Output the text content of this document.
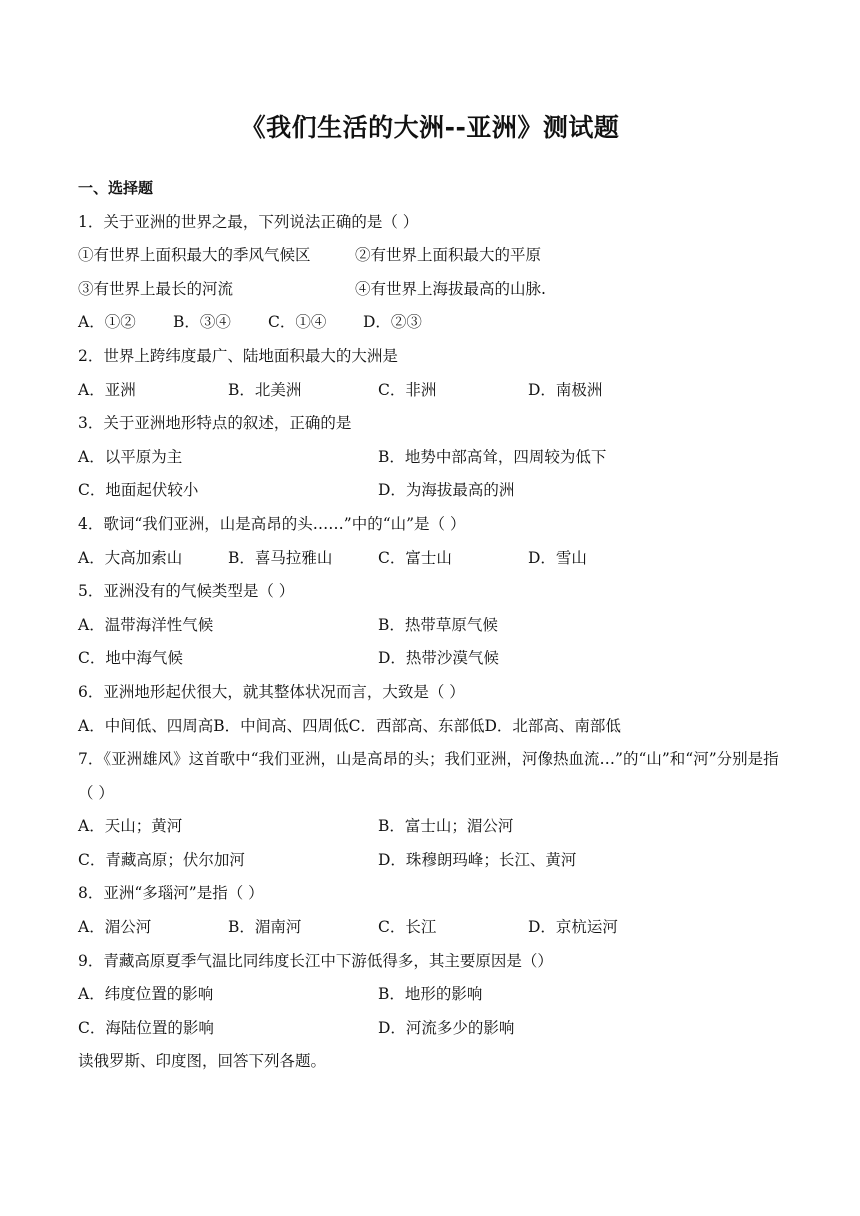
《我们生活的大洲--亚洲》测试题
一、选择题
1．关于亚洲的世界之最，下列说法正确的是（ ）
①有世界上面积最大的季风气候区	②有世界上面积最大的平原
③有世界上最长的河流	④有世界上海拔最高的山脉.
A．①② B．③④ C．①④ D．②③
2．世界上跨纬度最广、陆地面积最大的大洲是
A．亚洲	B．北美洲	C．非洲	D．南极洲
3．关于亚洲地形特点的叙述，正确的是
A．以平原为主	B．地势中部高耸，四周较为低下
C．地面起伏较小	D．为海拔最高的洲
4．歌词“我们亚洲，山是高昂的头……”中的“山”是（ ）
A．大高加索山	B．喜马拉雅山	C．富士山	D．雪山
5．亚洲没有的气候类型是（ ）
A．温带海洋性气候	B．热带草原气候
C．地中海气候	D．热带沙漠气候
6．亚洲地形起伏很大，就其整体状况而言，大致是（ ）
A．中间低、四周高B．中间高、四周低C．西部高、东部低D．北部高、南部低
7．《亚洲雄风》这首歌中“我们亚洲，山是高昂的头；我们亚洲，河像热血流…”的“山”和“河”分别是指（ ）
A．天山；黄河	B．富士山；湄公河
C．青藏高原；伏尔加河	D．珠穆朗玛峰；长江、黄河
8．亚洲“多瑙河”是指（ ）
A．湄公河	B．湄南河	C．长江	D．京杭运河
9．青藏高原夏季气温比同纬度长江中下游低得多，其主要原因是（）
A．纬度位置的影响	B．地形的影响
C．海陆位置的影响	D．河流多少的影响
读俄罗斯、印度图，回答下列各题。
